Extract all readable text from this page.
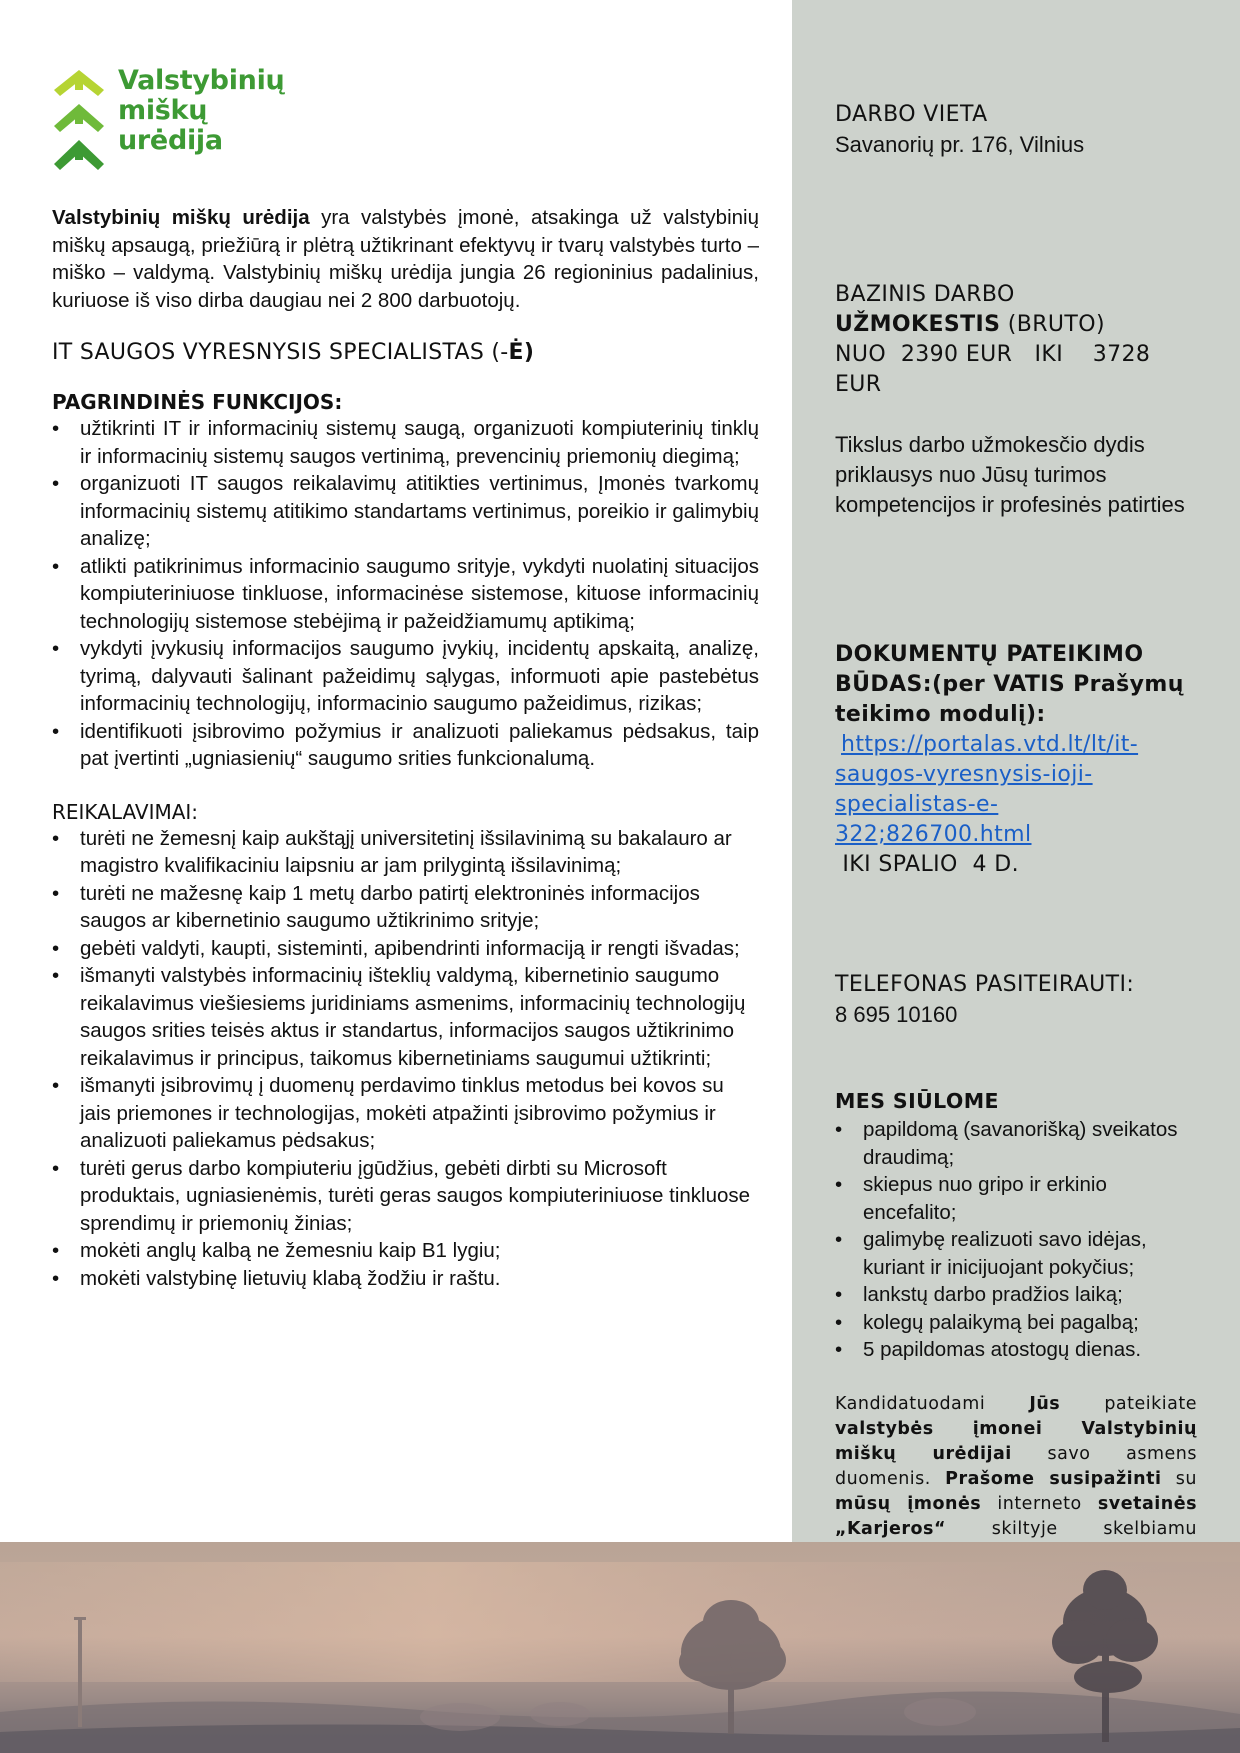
Valstybinių
miškų
urėdija

Valstybinių miškų urėdija yra valstybės įmonė, atsakinga už valstybinių miškų apsaugą, priežiūrą ir plėtrą užtikrinant efektyvų ir tvarų valstybės turto – miško – valdymą. Valstybinių miškų urėdija jungia 26 regioninius padalinius, kuriuose iš viso dirba daugiau nei 2 800 darbuotojų.

IT SAUGOS VYRESNYSIS SPECIALISTAS (-Ė)
PAGRINDINĖS FUNKCIJOS:
• užtikrinti IT ir informacinių sistemų saugą, organizuoti kompiuterinių tinklų ir informacinių sistemų saugos vertinimą, prevencinių priemonių diegimą;
• organizuoti IT saugos reikalavimų atitikties vertinimus, Įmonės tvarkomų informacinių sistemų atitikimo standartams vertinimus, poreikio ir galimybių analizę;
• atlikti patikrinimus informacinio saugumo srityje, vykdyti nuolatinį situacijos kompiuteriniuose tinkluose, informacinėse sistemose, kituose informacinių technologijų sistemose stebėjimą ir pažeidžiamumų aptikimą;
• vykdyti įvykusių informacijos saugumo įvykių, incidentų apskaitą, analizę, tyrimą, dalyvauti šalinant pažeidimų sąlygas, informuoti apie pastebėtus informacinių technologijų, informacinio saugumo pažeidimus, rizikas;
• identifikuoti įsibrovimo požymius ir analizuoti paliekamus pėdsakus, taip pat įvertinti „ugniasienių“ saugumo srities funkcionalumą.
REIKALAVIMAI:
• turėti ne žemesnį kaip aukštąjį universitetinį išsilavinimą su bakalauro ar magistro kvalifikaciniu laipsniu ar jam prilygintą išsilavinimą;
• turėti ne mažesnę kaip 1 metų darbo patirtį elektroninės informacijos saugos ar kibernetinio saugumo užtikrinimo srityje;
• gebėti valdyti, kaupti, sisteminti, apibendrinti informaciją ir rengti išvadas;
• išmanyti valstybės informacinių išteklių valdymą, kibernetinio saugumo reikalavimus viešiesiems juridiniams asmenims, informacinių technologijų saugos srities teisės aktus ir standartus, informacijos saugos užtikrinimo reikalavimus ir principus, taikomus kibernetiniams saugumui užtikrinti;
• išmanyti įsibrovimų į duomenų perdavimo tinklus metodus bei kovos su jais priemones ir technologijas, mokėti atpažinti įsibrovimo požymius ir analizuoti paliekamus pėdsakus;
• turėti gerus darbo kompiuteriu įgūdžius, gebėti dirbti su Microsoft produktais, ugniasienėmis, turėti geras saugos kompiuteriniuose tinkluose sprendimų ir priemonių žinias;
• mokėti anglų kalbą ne žemesniu kaip B1 lygiu;
• mokėti valstybinę lietuvių klabą žodžiu ir raštu.
DARBO VIETA
Savanorių pr. 176, Vilnius
BAZINIS DARBO
UŽMOKESTIS (BRUTO)
NUO  2390 EUR   IKI    3728
EUR
Tikslus darbo užmokesčio dydis priklausys nuo Jūsų turimos kompetencijos ir profesinės patirties
DOKUMENTŲ PATEIKIMO BŪDAS:(per VATIS Prašymų teikimo modulį):
https://portalas.vtd.lt/lt/it-
saugos-vyresnysis-ioji-
specialistas-e-
322;826700.html
IKI SPALIO  4 D.
TELEFONAS PASITEIRAUTI:
8 695 10160
MES SIŪLOME
• papildomą (savanorišką) sveikatos draudimą;
• skiepus nuo gripo ir erkinio encefalito;
• galimybę realizuoti savo idėjas, kuriant ir inicijuojant pokyčius;
• lankstų darbo pradžios laiką;
• kolegų palaikymą bei pagalbą;
• 5 papildomas atostogų dienas.
Kandidatuodami Jūs pateikiate valstybės įmonei Valstybinių miškų urėdijai savo asmens duomenis. Prašome susipažinti su mūsų įmonės interneto svetainės „Karjeros“	skiltyje skelbiamu
